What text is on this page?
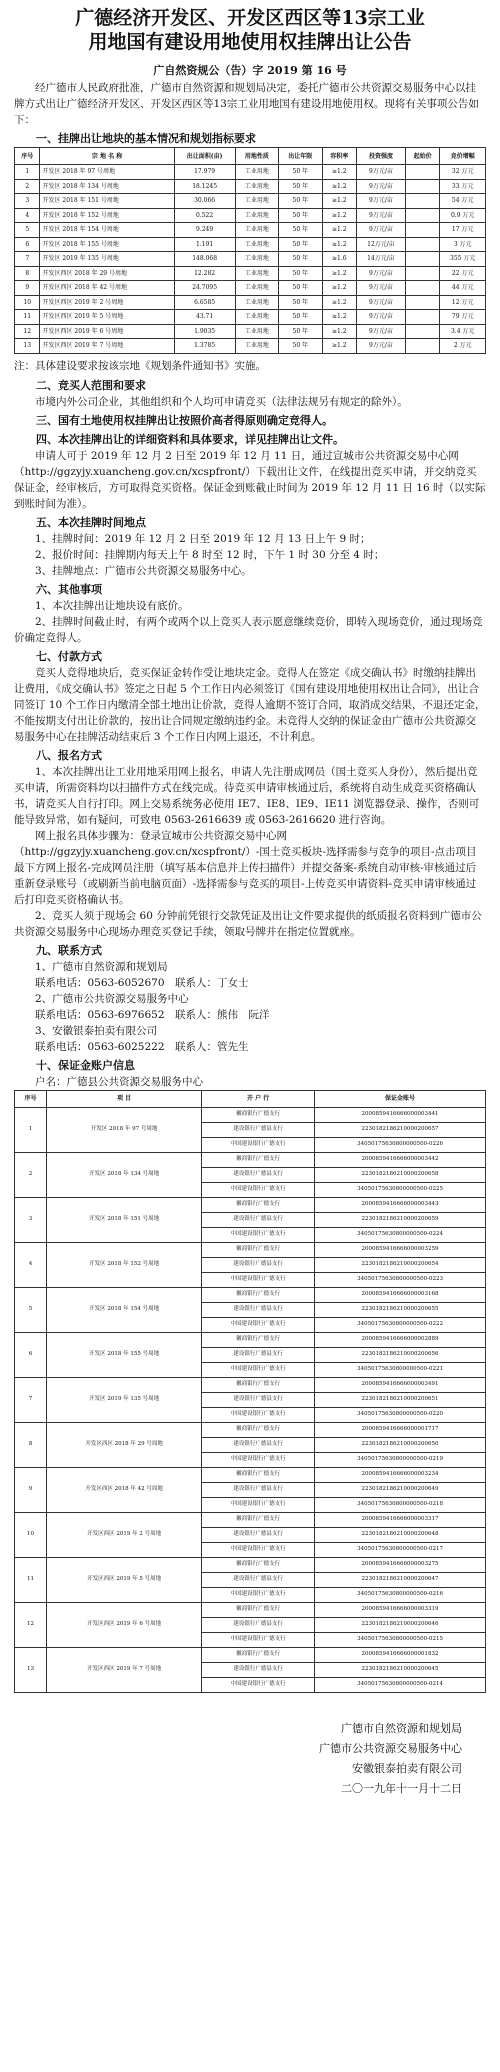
广德经济开发区、开发区西区等13宗工业
用地国有建设用地使用权挂牌出让公告
广自然资规公（告）字 2019 第 16 号

经广德市人民政府批准，广德市自然资源和规划局决定，委托广德市公共资源交易服务中心以挂牌方式出让广德经济开发区、开发区西区等13宗工业用地国有建设用地使用权。现将有关事项公告如下：

一、挂牌出让地块的基本情况和规划指标要求
序号	宗 地 名 称	出让面积(亩)	用地性质	出让年限	容积率	投资强度	起始价	竞价增幅
1	开发区 2018 年 97 号周地	17.979	工业用地	50 年	≥1.2	9万元/亩		32 万元
2	开发区 2018 年 134 号周地	18.1245	工业用地	50 年	≥1.2	9万元/亩		33 万元
3	开发区 2018 年 151 号周地	30.066	工业用地	50 年	≥1.2	9万元/亩		54 万元
4	开发区 2018 年 152 号周地	0.522	工业用地	50 年	≥1.2	9万元/亩		0.9 万元
5	开发区 2018 年 154 号周地	9.249	工业用地	50 年	≥1.2	9万元/亩		17 万元
6	开发区 2018 年 155 号周地	1.191	工业用地	50 年	≥1.2	12万元/亩		3 万元
7	开发区 2019 年 135 号周地	148.068	工业用地	50 年	≥1.6	14万元/亩		355 万元
8	开发区西区 2018 年 29 号周地	12.282	工业用地	50 年	≥1.2	9万元/亩		22 万元
9	开发区西区 2018 年 42 号周地	24.7095	工业用地	50 年	≥1.2	9万元/亩		44 万元
10	开发区西区 2019 年 2 号周地	6.6585	工业用地	50 年	≥1.2	9万元/亩		12 万元
11	开发区西区 2019 年 5 号周地	43.71	工业用地	50 年	≥1.2	9万元/亩		79 万元
12	开发区西区 2019 年 6 号周地	1.9035	工业用地	50 年	≥1.2	9万元/亩		3.4 万元
13	开发区西区 2019 年 7 号周地	1.3785	工业用地	50 年	≥1.2	9万元/亩		2 万元
注：具体建设要求按该宗地《规划条件通知书》实施。
二、竞买人范围和要求

市境内外公司企业，其他组织和个人均可申请竞买（法律法规另有规定的除外）。

三、国有土地使用权挂牌出让按照价高者得原则确定竞得人。
四、本次挂牌出让的详细资料和具体要求，详见挂牌出让文件。

申请人可于 2019 年 12 月 2 日至 2019 年 12 月 11 日，通过宣城市公共资源交易中心网（http://ggzyjy.xuancheng.gov.cn/xcspfront/）下载出让文件，在线提出竞买申请，并交纳竞买保证金，经审核后，方可取得竞买资格。保证金到账截止时间为 2019 年 12 月 11 日 16 时（以实际到账时间为准）。

五、本次挂牌时间地点

1、挂牌时间：2019 年 12 月 2 日至 2019 年 12 月 13 日上午 9 时；

2、报价时间：挂牌期内每天上午 8 时至 12 时，下午 1 时 30 分至 4 时；

3、挂牌地点：广德市公共资源交易服务中心。

六、其他事项

1、本次挂牌出让地块设有底价。

2、挂牌时间截止时，有两个或两个以上竞买人表示愿意继续竞价，即转入现场竞价，通过现场竞价确定竞得人。

七、付款方式

竞买人竞得地块后，竞买保证金转作受让地块定金。竞得人在签定《成交确认书》时缴纳挂牌出让费用，《成交确认书》签定之日起 5 个工作日内必须签订《国有建设用地使用权出让合同》，出让合同签订 10 个工作日内缴清全部土地出让价款，竞得人逾期不签订合同，取消成交结果，不退还定金，不能按期支付出让价款的，按出让合同规定缴纳违约金。未竞得人交纳的保证金由广德市公共资源交易服务中心在挂牌活动结束后 3 个工作日内网上退还，不计利息。

八、报名方式

1、本次挂牌出让工业用地采用网上报名，申请人先注册成网员（国土竞买人身份），然后提出竞买申请，所需资料均以扫描件方式在线完成。待竞买申请审核通过后，系统将自动生成竞买资格确认书，请竞买人自行打印。网上交易系统务必使用 IE7、IE8、IE9、IE11 浏览器登录、操作，否则可能导致异常，如有疑问，可致电 0563-2616639 或 0563-2616620 进行咨询。

网上报名具体步骤为：登录宣城市公共资源交易中心网（http://ggzyjy.xuancheng.gov.cn/xcspfront/）-国土竞买板块-选择需参与竞争的项目-点击项目最下方网上报名-完成网员注册（填写基本信息并上传扫描件）并提交备案-系统自动审核-审核通过后重新登录账号（或刷新当前电脑页面）-选择需参与竞买的项目-上传竞买申请资料-竞买申请审核通过后打印竞买资格确认书。

2、竞买人须于现场会 60 分钟前凭银行交款凭证及出让文件要求提供的纸质报名资料到广德市公共资源交易服务中心现场办理竞买登记手续，领取号牌并在指定位置就座。

九、联系方式

1、广德市自然资源和规划局

联系电话：0563-6052670　联系人：丁女士

2、广德市公共资源交易服务中心

联系电话：0563-6976652　联系人：熊伟　阮洋

3、安徽银泰拍卖有限公司

联系电话：0563-6025222　联系人：管先生

十、保证金账户信息

户名：广德县公共资源交易服务中心

序号	项 目	开 户 行	保证金账号
1	开发区 2018 年 97 号周地	徽商银行广德支行	2000859416666000003441
		建设银行广德县支行	2230182186210000200657
		中国建设银行广德支行	34050175630800000500-0226
2	开发区 2018 年 134 号周地	徽商银行广德支行	2000859416666000003442
		建设银行广德县支行	2230182186210000200658
		中国建设银行广德支行	34050175630800000500-0225
3	开发区 2018 年 151 号周地	徽商银行广德支行	2000859416666000003443
		建设银行广德县支行	2230182186210000200659
		中国建设银行广德支行	34050175630800000500-0224
4	开发区 2018 年 152 号周地	徽商银行广德支行	2000859416666000003259
		建设银行广德县支行	2230182186210000200654
		中国建设银行广德支行	34050175630800000500-0223
5	开发区 2018 年 154 号周地	徽商银行广德支行	2000859416666000003168
		建设银行广德县支行	2230182186210000200655
		中国建设银行广德支行	34050175630800000500-0222
6	开发区 2018 年 155 号周地	徽商银行广德支行	2000859416666000002889
		建设银行广德县支行	2230182186210000200656
		中国建设银行广德支行	34050175630800000500-0221
7	开发区 2019 年 135 号周地	徽商银行广德支行	2000859416666000003491
		建设银行广德县支行	2230182186210000200651
		中国建设银行广德支行	34050175630800000500-0220
8	开发区西区 2018 年 29 号周地	徽商银行广德支行	2000859416666000001717
		建设银行广德县支行	2230182186210000200650
		中国建设银行广德支行	34050175630800000500-0219
9	开发区西区 2018 年 42 号周地	徽商银行广德支行	2000859416666000003234
		建设银行广德县支行	2230182186210000200649
		中国建设银行广德支行	34050175630800000500-0218
10	开发区西区 2019 年 2 号周地	徽商银行广德支行	2000859416666000003317
		建设银行广德县支行	2230182186210000200648
		中国建设银行广德支行	34050175630800000500-0217
11	开发区西区 2019 年 5 号周地	徽商银行广德支行	2000859416666000003275
		建设银行广德县支行	2230182186210000200647
		中国建设银行广德支行	34050175630800000500-0216
12	开发区西区 2019 年 6 号周地	徽商银行广德支行	2000859416666000003319
		建设银行广德县支行	2230182186210000200646
		中国建设银行广德支行	34050175630800000500-0215
13	开发区西区 2019 年 7 号周地	徽商银行广德支行	2000859416666000001832
		建设银行广德县支行	2230182186210000200645
		中国建设银行广德支行	34050175630800000500-0214
广德市自然资源和规划局
广德市公共资源交易服务中心
安徽银泰拍卖有限公司
二〇一九年十一月十二日
